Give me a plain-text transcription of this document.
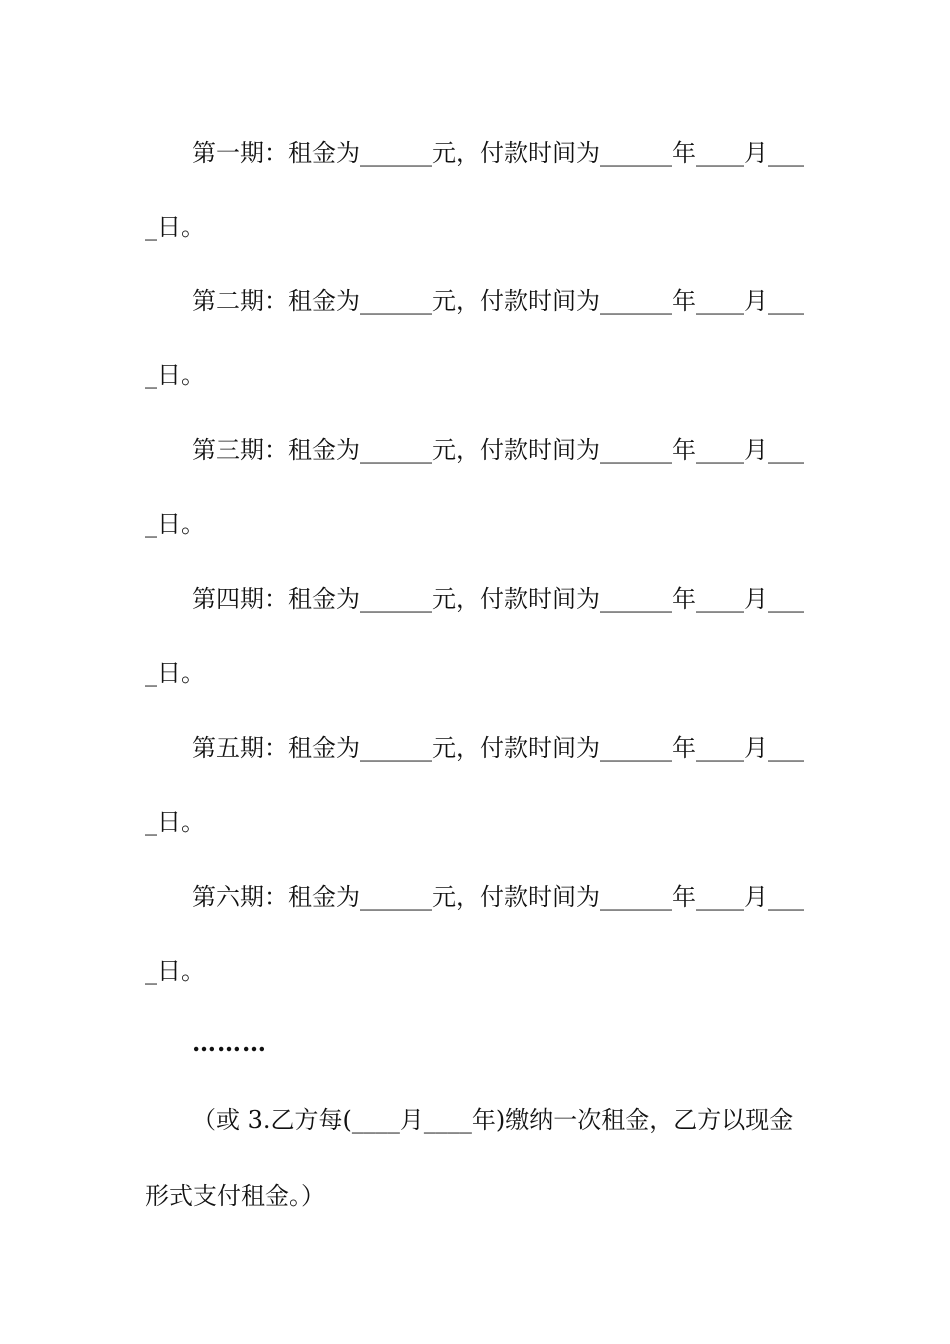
第一期：租金为______元，付款时间为______年____月___
_日。
第二期：租金为______元，付款时间为______年____月___
_日。
第三期：租金为______元，付款时间为______年____月___
_日。
第四期：租金为______元，付款时间为______年____月___
_日。
第五期：租金为______元，付款时间为______年____月___
_日。
第六期：租金为______元，付款时间为______年____月___
_日。
………
（或 3.乙方每(____月____年)缴纳一次租金，乙方以现金
形式支付租金。）
